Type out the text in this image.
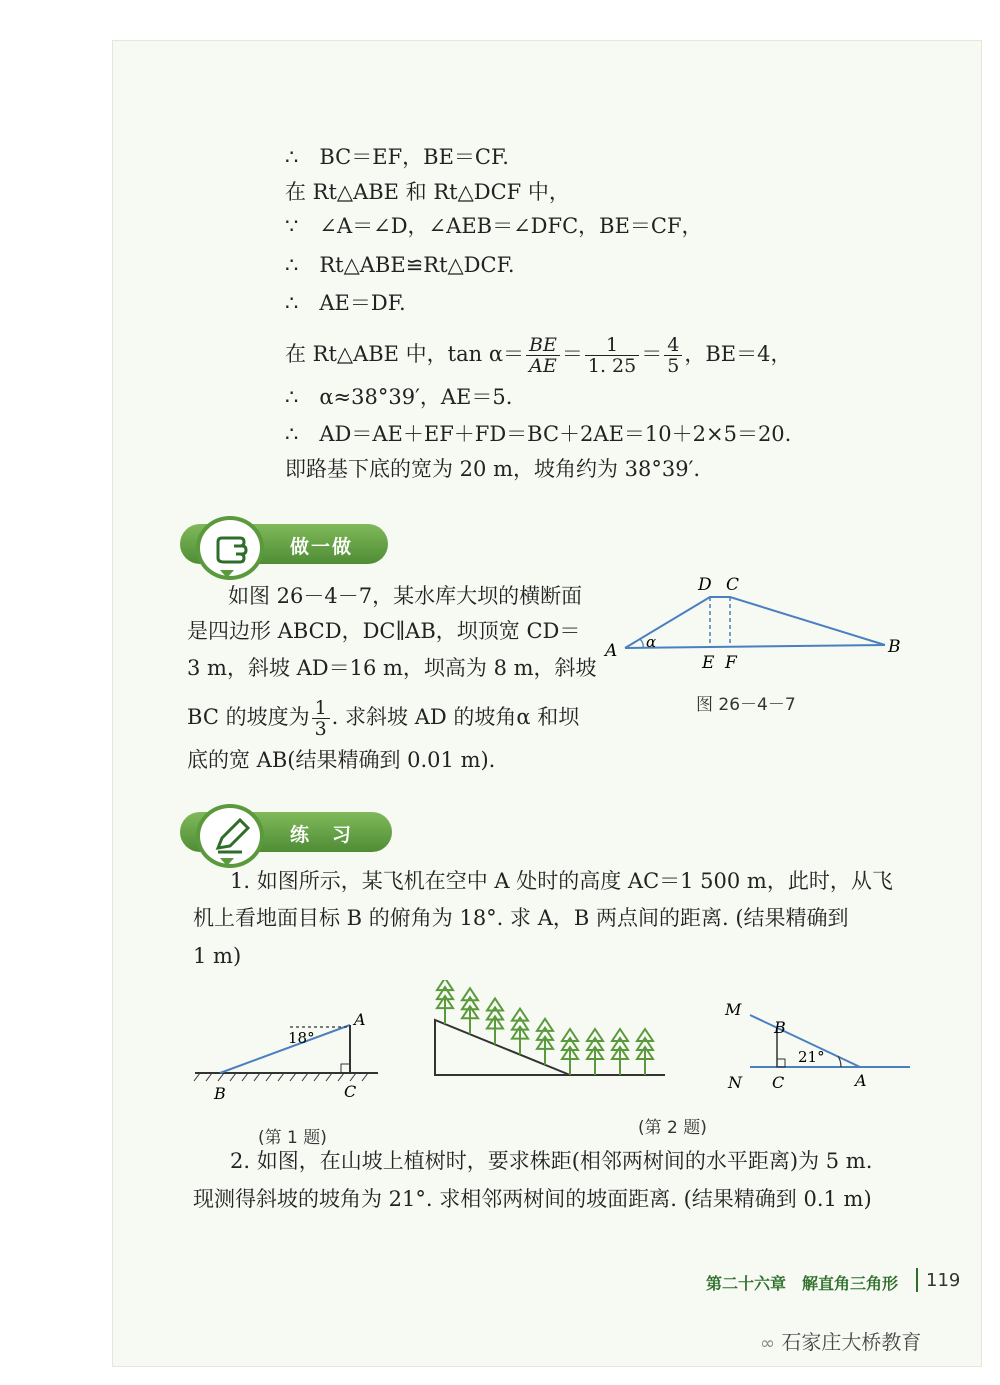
∴　BC＝EF，BE＝CF.
在 Rt△ABE 和 Rt△DCF 中，
∵　∠A＝∠D，∠AEB＝∠DFC，BE＝CF，
∴　Rt△ABE≌Rt△DCF.
∴　AE＝DF.
在 Rt△ABE 中，$\tan \alpha= \frac{BE}{AE} = \frac{1}{1. 25} = \frac{4}{5}$ ，BE＝4，
∴　α≈38°39′，AE＝5.
∴　AD＝AE＋EF＋FD＝BC＋2AE＝10＋2×5＝20.
即路基下底的宽为 20 m，坡角约为 38°39′.
做一做
如图 26－4－7，某水库大坝的横断面
是四边形 ABCD，DC∥AB，坝顶宽 CD＝
3 m，斜坡 AD＝16 m，坝高为 8 m，斜坡
BC 的坡度为 $\frac{1}{3}$ . 求斜坡 AD 的坡角α 和坝
底的宽 AB(结果精确到 0.01 m).
D C
A α
E F
B
图 26－4－7
练　习
1. 如图所示，某飞机在空中 A 处时的高度 AC＝1 500 m，此时，从飞
机上看地面目标 B 的俯角为 18°. 求 A，B 两点间的距离. (结果精确到
1 m)
18°
A
B	C
(第 1 题)	(第 2 题)
21°
M
B
N C	A
2. 如图，在山坡上植树时，要求株距(相邻两树间的水平距离)为 5 m.
现测得斜坡的坡角为 21°. 求相邻两树间的坡面距离. (结果精确到 0.1 m)
第二十六章　解直角三角形 119
∞ 石家庄大桥教育
